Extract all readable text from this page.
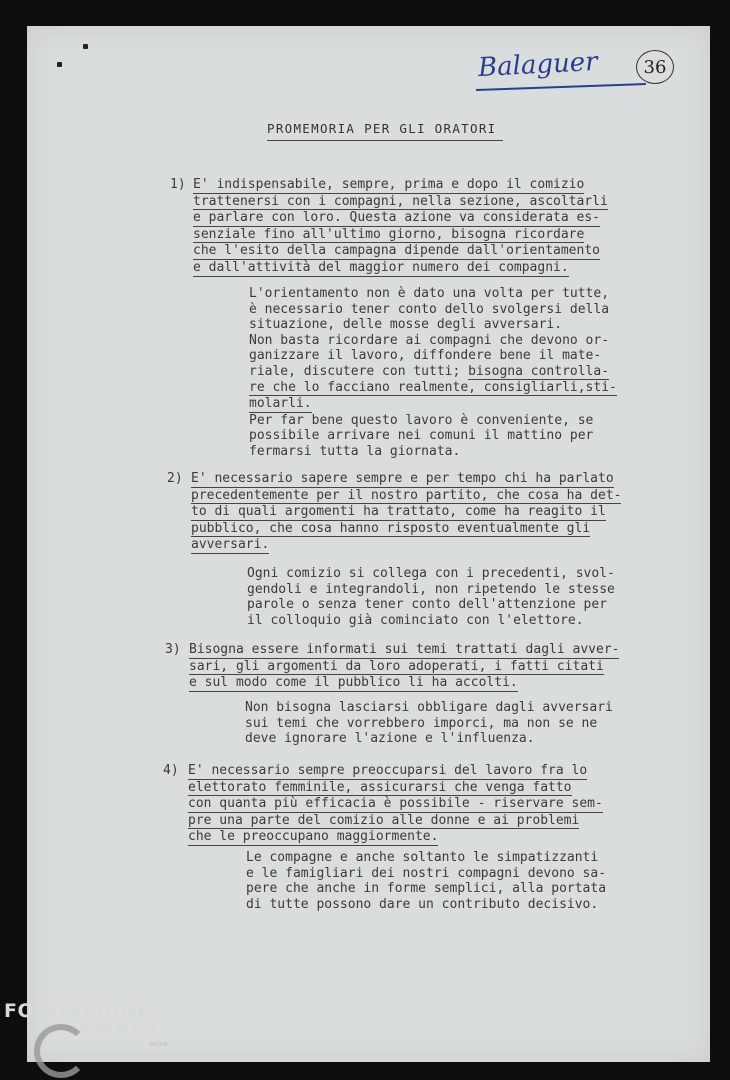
Balaguer	36
PROMEMORIA PER GLI ORATORI
1) E' indispensabile, sempre, prima e dopo il comizio
trattenersi con i compagni, nella sezione, ascoltarli
e parlare con loro. Questa azione va considerata es-
senziale fino all'ultimo giorno, bisogna ricordare
che l'esito della campagna dipende dall'orientamento
e dall'attività del maggior numero dei compagni.
L'orientamento non è dato una volta per tutte,
è necessario tener conto dello svolgersi della
situazione, delle mosse degli avversari.
Non basta ricordare ai compagni che devono or-
ganizzare il lavoro, diffondere bene il mate-
riale, discutere con tutti; bisogna controlla-
re che lo facciano realmente, consigliarli,sti-
molarli.
Per far bene questo lavoro è conveniente, se
possibile arrivare nei comuni il mattino per
fermarsi tutta la giornata.
2) E' necessario sapere sempre e per tempo chi ha parlato
precedentemente per il nostro partito, che cosa ha det-
to di quali argomenti ha trattato, come ha reagito il
pubblico, che cosa hanno risposto eventualmente gli
avversari.
Ogni comizio si collega con i precedenti, svol-
gendoli e integrandoli, non ripetendo le stesse
parole o senza tener conto dell'attenzione per
il colloquio già cominciato con l'elettore.
3) Bisogna essere informati sui temi trattati dagli avver-
sari, gli argomenti da loro adoperati, i fatti citati
e sul modo come il pubblico li ha accolti.
Non bisogna lasciarsi obbligare dagli avversari
sui temi che vorrebbero imporci, ma non se ne
deve ignorare l'azione e l'influenza.
4) E' necessario sempre preoccuparsi del lavoro fra lo
elettorato femminile, assicurarsi che venga fatto
con quanta più efficacia è possibile - riservare sem-
pre una parte del comizio alle donne e ai problemi
che le preoccupano maggiormente.
Le compagne e anche soltanto le simpatizzanti
e le famigliari dei nostri compagni devono sa-
pere che anche in forme semplici, alla portata
di tutte possono dare un contributo decisivo.
FONDAZIONE
GRAMSCI
onlus
